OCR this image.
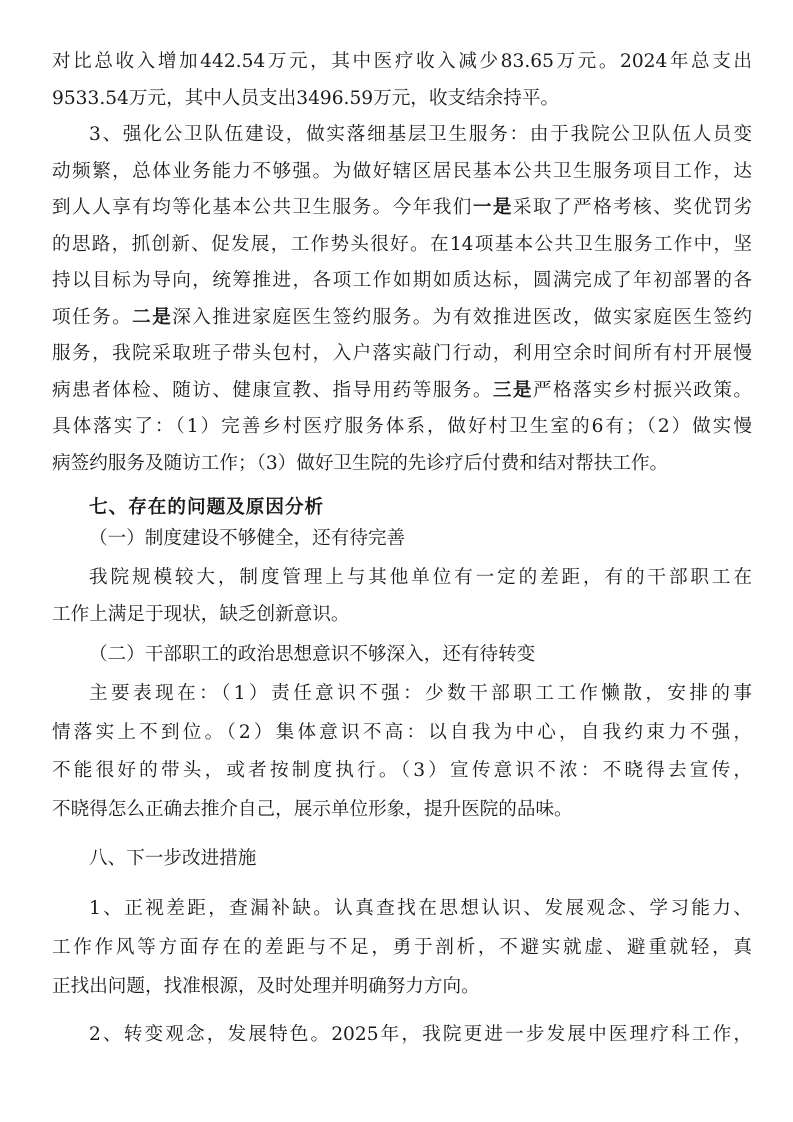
对比总收入增加442.54万元，其中医疗收入减少83.65万元。2024年总支出
9533.54万元，其中人员支出3496.59万元，收支结余持平。
3、强化公卫队伍建设，做实落细基层卫生服务：由于我院公卫队伍人员变
动频繁，总体业务能力不够强。为做好辖区居民基本公共卫生服务项目工作，达
到人人享有均等化基本公共卫生服务。今年我们一是采取了严格考核、奖优罚劣
的思路，抓创新、促发展，工作势头很好。在14项基本公共卫生服务工作中，坚
持以目标为导向，统筹推进，各项工作如期如质达标，圆满完成了年初部署的各
项任务。二是深入推进家庭医生签约服务。为有效推进医改，做实家庭医生签约
服务，我院采取班子带头包村，入户落实敲门行动，利用空余时间所有村开展慢
病患者体检、随访、健康宣教、指导用药等服务。三是严格落实乡村振兴政策。
具体落实了：（1）完善乡村医疗服务体系，做好村卫生室的6有；（2）做实慢
病签约服务及随访工作；（3）做好卫生院的先诊疗后付费和结对帮扶工作。
七、存在的问题及原因分析
（一）制度建设不够健全，还有待完善
我院规模较大，制度管理上与其他单位有一定的差距，有的干部职工在
工作上满足于现状，缺乏创新意识。
（二）干部职工的政治思想意识不够深入，还有待转变
主要表现在：（1）责任意识不强：少数干部职工工作懒散，安排的事
情落实上不到位。（2）集体意识不高：以自我为中心，自我约束力不强，
不能很好的带头，或者按制度执行。（3）宣传意识不浓：不晓得去宣传，
不晓得怎么正确去推介自己，展示单位形象，提升医院的品味。
八、下一步改进措施
1、正视差距，查漏补缺。认真查找在思想认识、发展观念、学习能力、
工作作风等方面存在的差距与不足，勇于剖析，不避实就虚、避重就轻，真
正找出问题，找准根源，及时处理并明确努力方向。
2、转变观念，发展特色。2025年，我院更进一步发展中医理疗科工作，
